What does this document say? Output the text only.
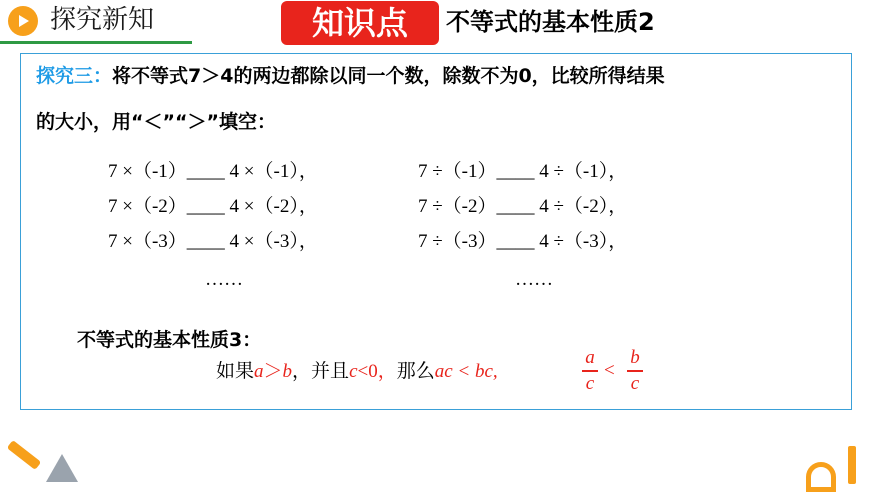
探究新知	知识点	不等式的基本性质2
探究三：将不等式7＞4的两边都除以同一个数，除数不为0，比较所得结果
的大小，用“＜”“＞”填空：
7 ×（-1）____ 4 ×（-1），
7 ×（-2）____ 4 ×（-2），
7 ×（-3）____ 4 ×（-3），
……
7 ÷（-1）____ 4 ÷（-1），
7 ÷（-2）____ 4 ÷（-2），
7 ÷（-3）____ 4 ÷（-3），
……
不等式的基本性质3：
如果a＞b，并且c<0，那么ac < bc,
a
c
<
b
c
